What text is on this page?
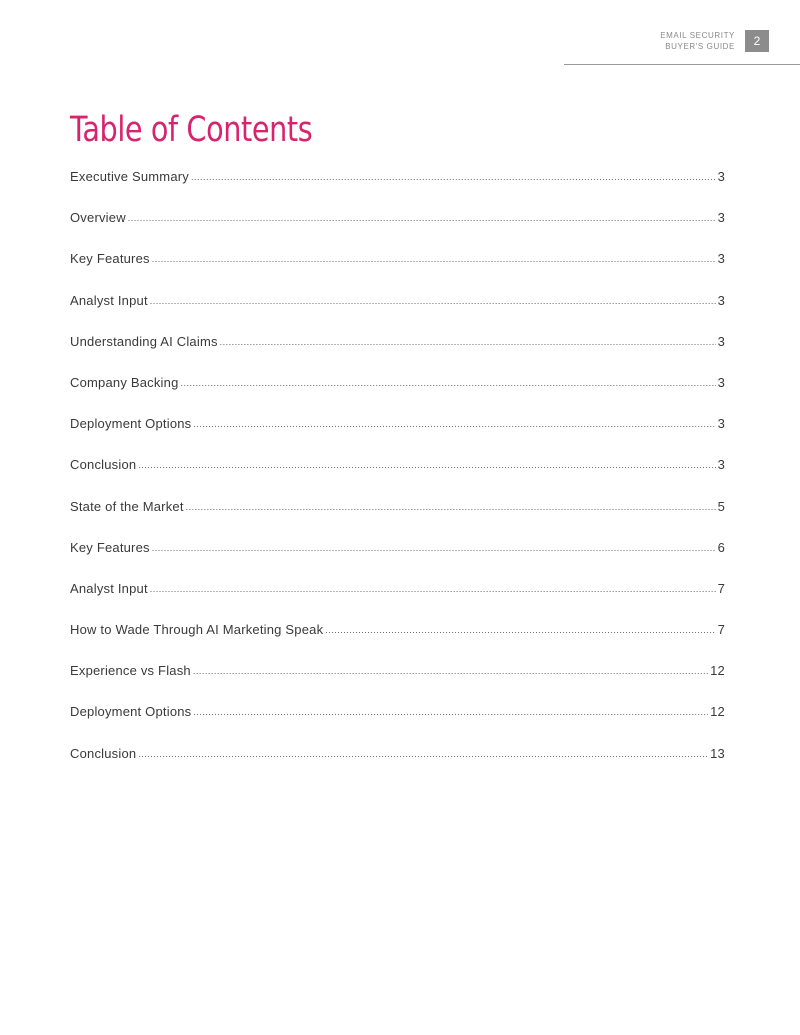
EMAIL SECURITY
BUYER'S GUIDE	2
Table of Contents
Executive Summary .....	3
Overview .....	3
Key Features .....	3
Analyst Input .....	3
Understanding AI Claims .....	3
Company Backing .....	3
Deployment Options .....	3
Conclusion .....	3
State of the Market .....	5
Key Features .....	6
Analyst Input .....	7
How to Wade Through AI Marketing Speak .....	7
Experience vs Flash .....	12
Deployment Options .....	12
Conclusion .....	13
